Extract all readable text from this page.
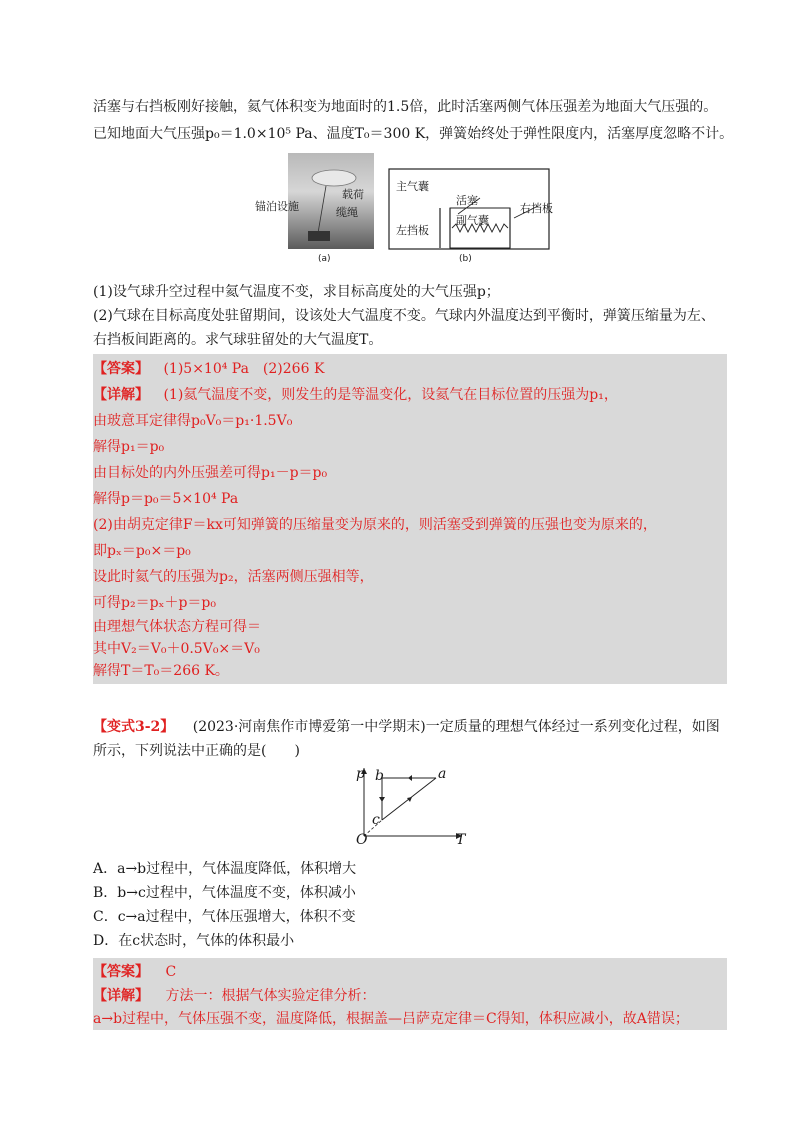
活塞与右挡板刚好接触，氦气体积变为地面时的1.5倍，此时活塞两侧气体压强差为地面大气压强的。
已知地面大气压强p₀＝1.0×10⁵ Pa、温度T₀＝300 K，弹簧始终处于弹性限度内，活塞厚度忽略不计。
锚泊设施
载荷
缆绳
(a)
主气囊
活塞
副气囊
右挡板
左挡板
(b)
(1)设气球升空过程中氦气温度不变，求目标高度处的大气压强p；
(2)气球在目标高度处驻留期间，设该处大气温度不变。气球内外温度达到平衡时，弹簧压缩量为左、
右挡板间距离的。求气球驻留处的大气温度T。
【答案】 (1)5×10⁴ Pa　(2)266 K
【详解】 (1)氦气温度不变，则发生的是等温变化，设氦气在目标位置的压强为p₁，
由玻意耳定律得p₀V₀＝p₁·1.5V₀
解得p₁＝p₀
由目标处的内外压强差可得p₁－p＝p₀
解得p＝p₀＝5×10⁴ Pa
(2)由胡克定律F＝kx可知弹簧的压缩量变为原来的，则活塞受到弹簧的压强也变为原来的，
即pₓ＝p₀×＝p₀
设此时氦气的压强为p₂，活塞两侧压强相等，
可得p₂＝pₓ＋p＝p₀
由理想气体状态方程可得＝
其中V₂＝V₀＋0.5V₀×＝V₀
解得T＝T₀＝266 K。
【变式3-2】 (2023·河南焦作市博爱第一中学期末)一定质量的理想气体经过一系列变化过程，如图
所示，下列说法中正确的是(　　)
p
T
O
a
b
c
A．a→b过程中，气体温度降低，体积增大
B．b→c过程中，气体温度不变，体积减小
C．c→a过程中，气体压强增大，体积不变
D．在c状态时，气体的体积最小
【答案】 C
【详解】 方法一：根据气体实验定律分析：
a→b过程中，气体压强不变，温度降低，根据盖—吕萨克定律＝C得知，体积应减小，故A错误；
